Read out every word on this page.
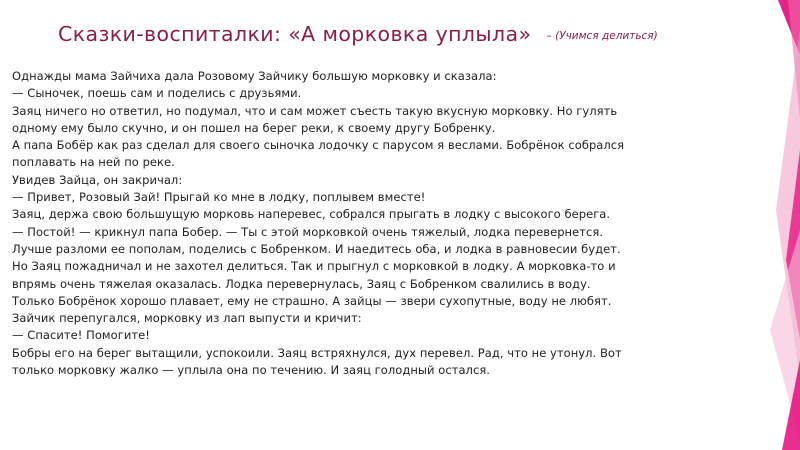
Сказки-воспиталки: «А морковка уплыла» – (Учимся делиться)
Однажды мама Зайчиха дала Розовому Зайчику большую морковку и сказала:
— Сыночек, поешь сам и поделись с друзьями.
Заяц ничего но ответил, но подумал, что и сам может съесть такую вкусную морковку. Но гулять
одному ему было скучно, и он пошел на берег реки, к своему другу Бобренку.
А папа Бобёр как раз сделал для своего сыночка лодочку с парусом я веслами. Бобрёнок собрался
поплавать на ней по реке.
Увидев Зайца, он закричал:
— Привет, Розовый Зай! Прыгай ко мне в лодку, поплывем вместе!
Заяц, держа свою большущую морковь наперевес, собрался прыгать в лодку с высокого берега.
— Постой! — крикнул папа Бобер. — Ты с этой морковкой очень тяжелый, лодка перевернется.
Лучше разломи ее пополам, поделись с Бобренком. И наедитесь оба, и лодка в равновесии будет.
Но Заяц пожадничал и не захотел делиться. Так и прыгнул с морковкой в лодку. А морковка-то и
впрямь очень тяжелая оказалась. Лодка перевернулась, Заяц с Бобренком свалились в воду.
Только Бобрёнок хорошо плавает, ему не страшно. А зайцы — звери сухопутные, воду не любят.
Зайчик перепугался, морковку из лап выпусти и кричит:
— Спасите! Помогите!
Бобры его на берег вытащили, успокоили. Заяц встряхнулся, дух перевел. Рад, что не утонул. Вот
только морковку жалко — уплыла она по течению. И заяц голодный остался.
